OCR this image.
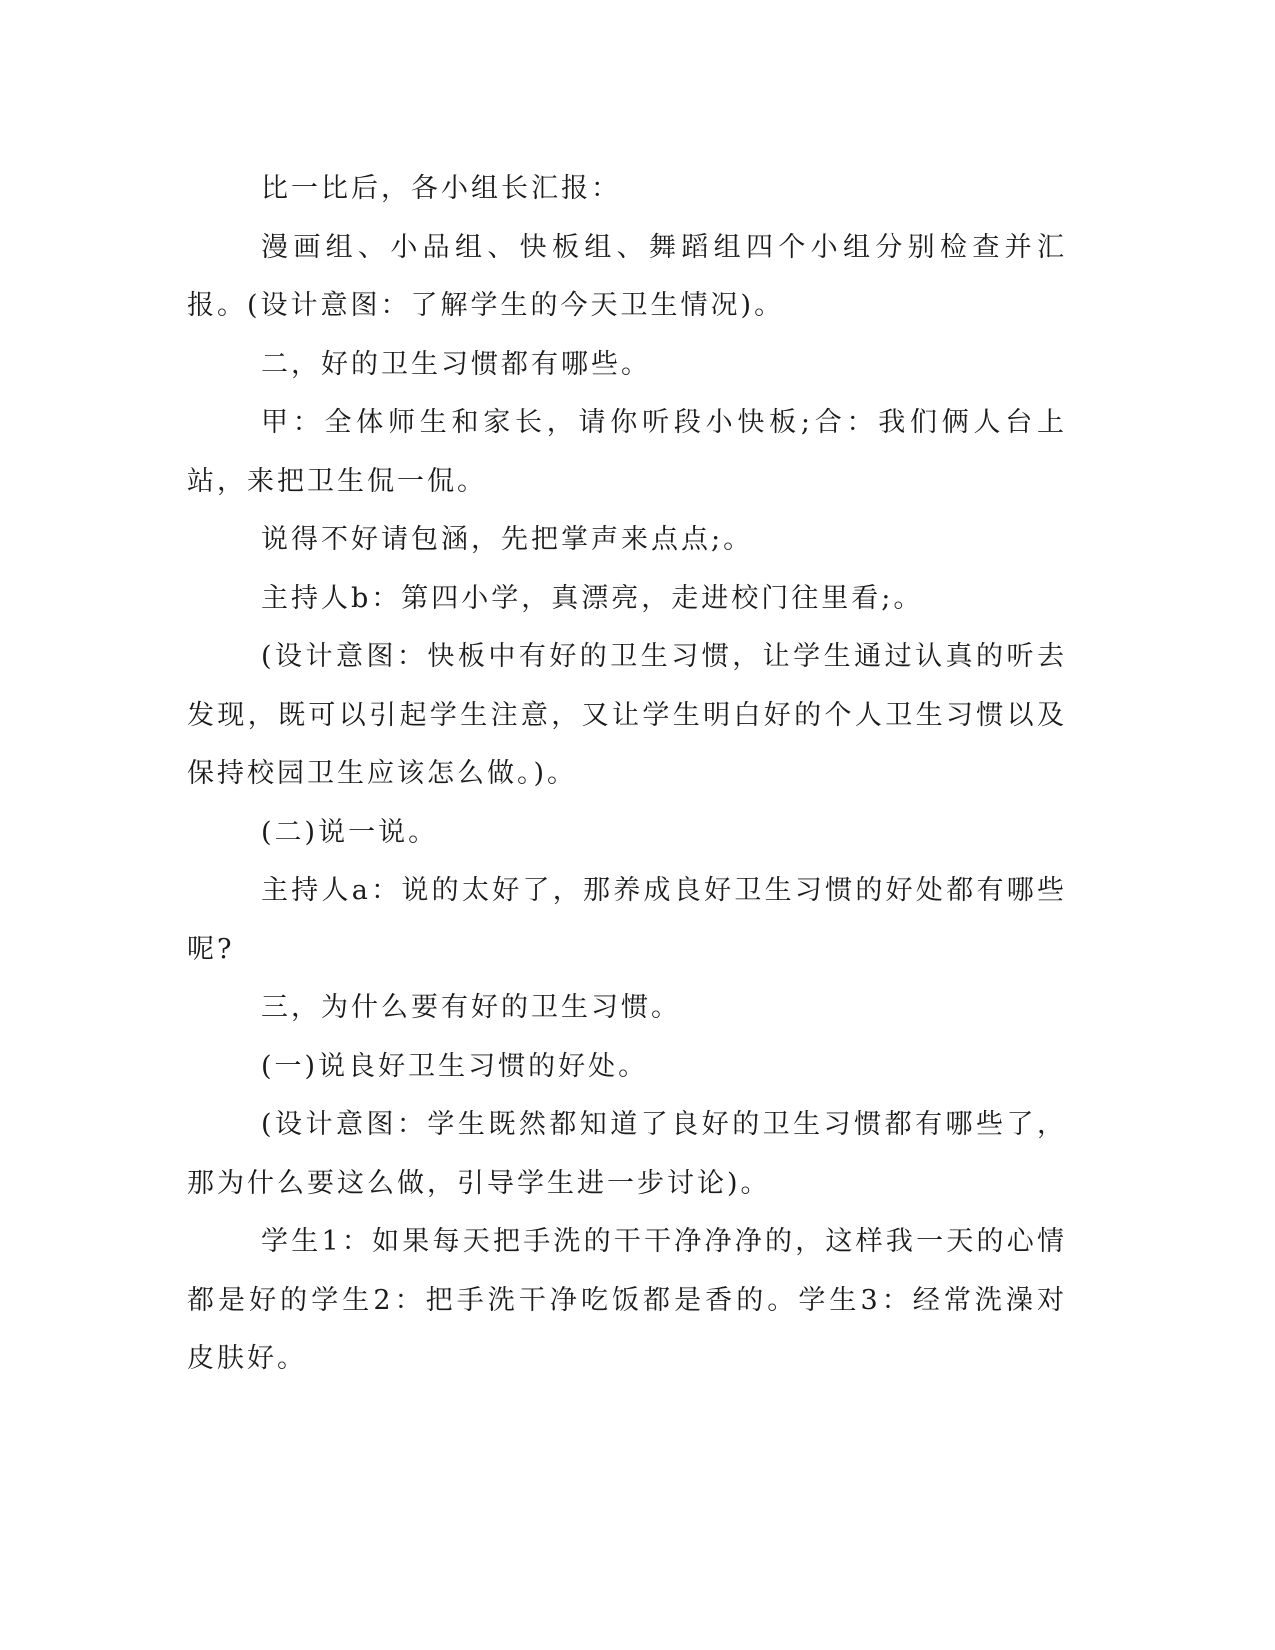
比一比后，各小组长汇报：

漫画组、小品组、快板组、舞蹈组四个小组分别检查并汇报。(设计意图：了解学生的今天卫生情况)。

二，好的卫生习惯都有哪些。

甲：全体师生和家长，请你听段小快板;合：我们俩人台上站，来把卫生侃一侃。

说得不好请包涵，先把掌声来点点;。

主持人b：第四小学，真漂亮，走进校门往里看;。

(设计意图：快板中有好的卫生习惯，让学生通过认真的听去发现，既可以引起学生注意，又让学生明白好的个人卫生习惯以及保持校园卫生应该怎么做。)。

(二)说一说。

主持人a：说的太好了，那养成良好卫生习惯的好处都有哪些呢?

三，为什么要有好的卫生习惯。

(一)说良好卫生习惯的好处。

(设计意图：学生既然都知道了良好的卫生习惯都有哪些了，那为什么要这么做，引导学生进一步讨论)。

学生1：如果每天把手洗的干干净净净的，这样我一天的心情都是好的学生2：把手洗干净吃饭都是香的。学生3：经常洗澡对皮肤好。
